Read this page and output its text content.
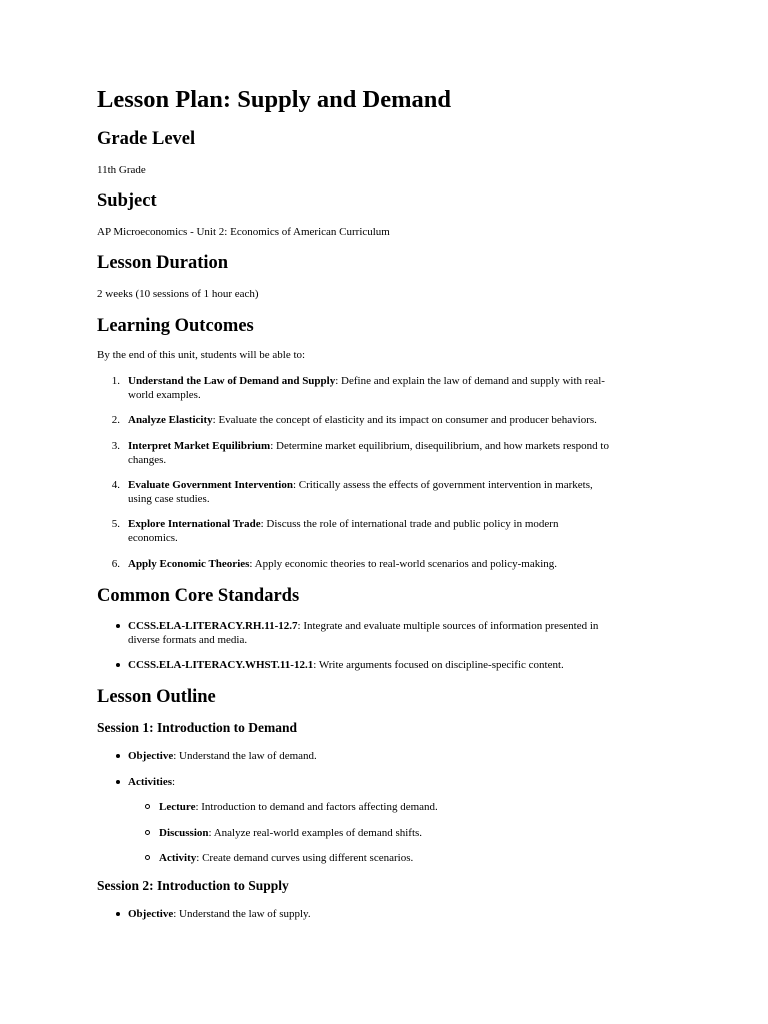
Lesson Plan: Supply and Demand
Grade Level

11th Grade

Subject

AP Microeconomics - Unit 2: Economics of American Curriculum

Lesson Duration

2 weeks (10 sessions of 1 hour each)

Learning Outcomes

By the end of this unit, students will be able to:

1. Understand the Law of Demand and Supply: Define and explain the law of demand and supply with real-
world examples.
2. Analyze Elasticity: Evaluate the concept of elasticity and its impact on consumer and producer behaviors.
3. Interpret Market Equilibrium: Determine market equilibrium, disequilibrium, and how markets respond to
changes.
4. Evaluate Government Intervention: Critically assess the effects of government intervention in markets,
using case studies.
5. Explore International Trade: Discuss the role of international trade and public policy in modern
economics.
6. Apply Economic Theories: Apply economic theories to real-world scenarios and policy-making.
Common Core Standards
CCSS.ELA-LITERACY.RH.11-12.7: Integrate and evaluate multiple sources of information presented in
diverse formats and media.
CCSS.ELA-LITERACY.WHST.11-12.1: Write arguments focused on discipline-specific content.
Lesson Outline
Session 1: Introduction to Demand
Objective: Understand the law of demand.
Activities:
Lecture: Introduction to demand and factors affecting demand.
Discussion: Analyze real-world examples of demand shifts.
Activity: Create demand curves using different scenarios.
Session 2: Introduction to Supply
Objective: Understand the law of supply.
